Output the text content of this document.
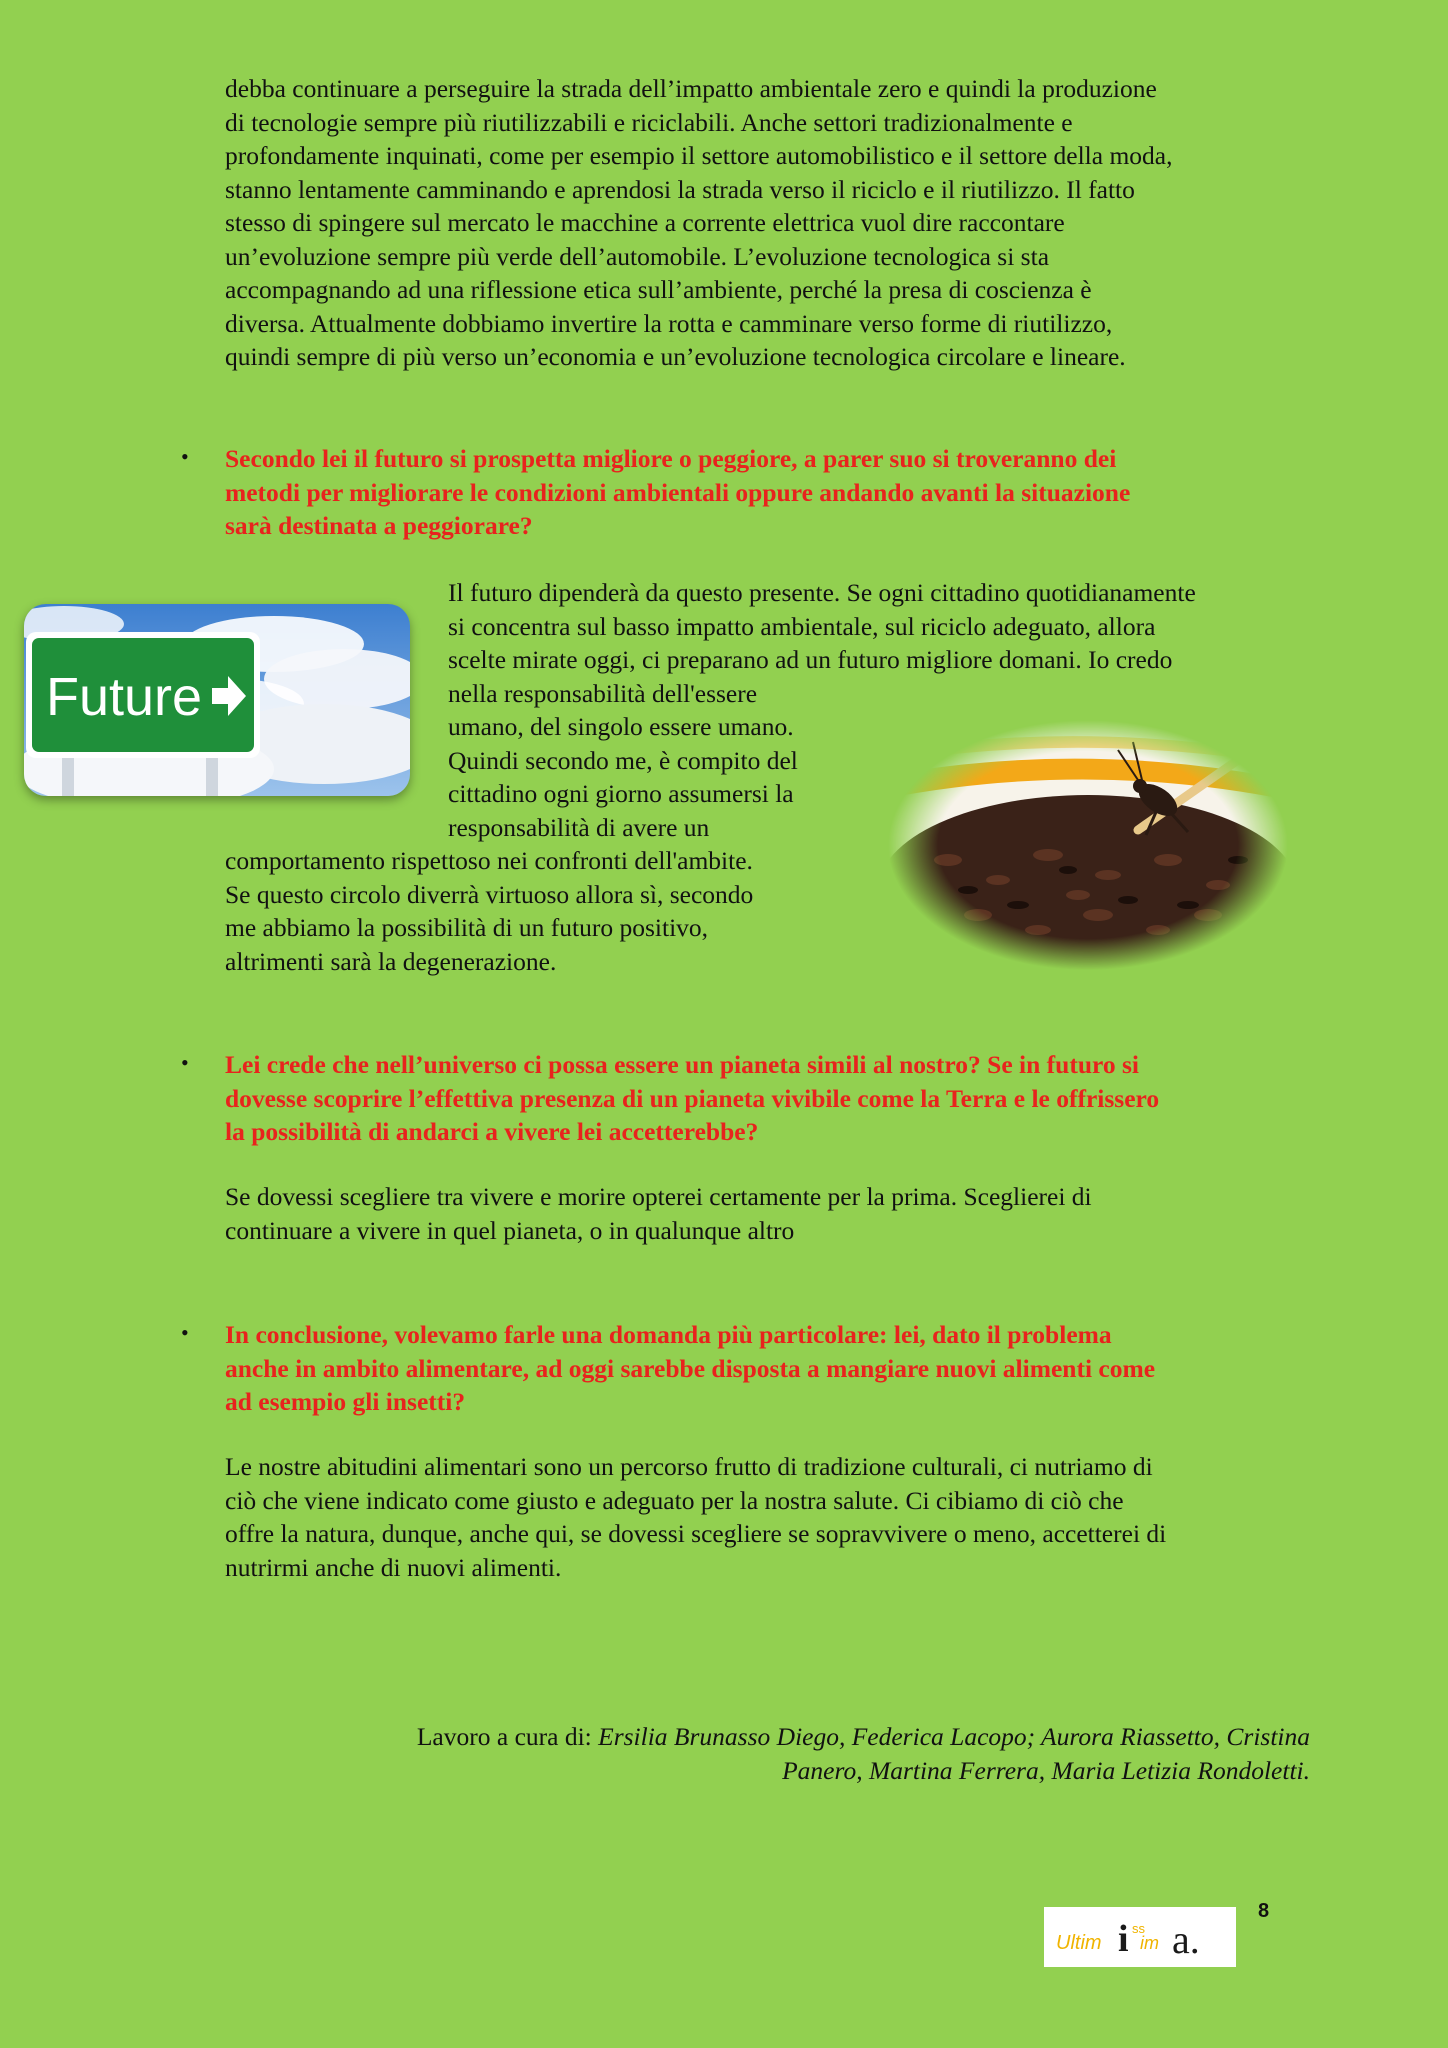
debba continuare a perseguire la strada dell’impatto ambientale zero e quindi la produzione
di tecnologie sempre più riutilizzabili e riciclabili. Anche settori tradizionalmente e
profondamente inquinati, come per esempio il settore automobilistico e il settore della moda,
stanno lentamente camminando e aprendosi la strada verso il riciclo e il riutilizzo. Il fatto
stesso di spingere sul mercato le macchine a corrente elettrica vuol dire raccontare
un’evoluzione sempre più verde dell’automobile. L’evoluzione tecnologica si sta
accompagnando ad una riflessione etica sull’ambiente, perché la presa di coscienza è
diversa. Attualmente dobbiamo invertire la rotta e camminare verso forme di riutilizzo,
quindi sempre di più verso un’economia e un’evoluzione tecnologica circolare e lineare.
• Secondo lei il futuro si prospetta migliore o peggiore, a parer suo si troveranno dei
metodi per migliorare le condizioni ambientali oppure andando avanti la situazione
sarà destinata a peggiorare?
Future
Il futuro dipenderà da questo presente. Se ogni cittadino quotidianamente
si concentra sul basso impatto ambientale, sul riciclo adeguato, allora
scelte mirate oggi, ci preparano ad un futuro migliore domani. Io credo
nella responsabilità dell'essere
umano, del singolo essere umano.
Quindi secondo me, è compito del
cittadino ogni giorno assumersi la
responsabilità di avere un
comportamento rispettoso nei confronti dell'ambite.
Se questo circolo diverrà virtuoso allora sì, secondo
me abbiamo la possibilità di un futuro positivo,
altrimenti sarà la degenerazione.
• Lei crede che nell’universo ci possa essere un pianeta simili al nostro? Se in futuro si
dovesse scoprire l’effettiva presenza di un pianeta vivibile come la Terra e le offrissero
la possibilità di andarci a vivere lei accetterebbe?
Se dovessi scegliere tra vivere e morire opterei certamente per la prima. Sceglierei di
continuare a vivere in quel pianeta, o in qualunque altro
• In conclusione, volevamo farle una domanda più particolare: lei, dato il problema
anche in ambito alimentare, ad oggi sarebbe disposta a mangiare nuovi alimenti come
ad esempio gli insetti?
Le nostre abitudini alimentari sono un percorso frutto di tradizione culturali, ci nutriamo di
ciò che viene indicato come giusto e adeguato per la nostra salute. Ci cibiamo di ciò che
offre la natura, dunque, anche qui, se dovessi scegliere se sopravvivere o meno, accetterei di
nutrirmi anche di nuovi alimenti.
Lavoro a cura di: Ersilia Brunasso Diego, Federica Lacopo; Aurora Riassetto, Cristina
Panero, Martina Ferrera, Maria Letizia Rondoletti.
8
Ultim i ss
im a.
